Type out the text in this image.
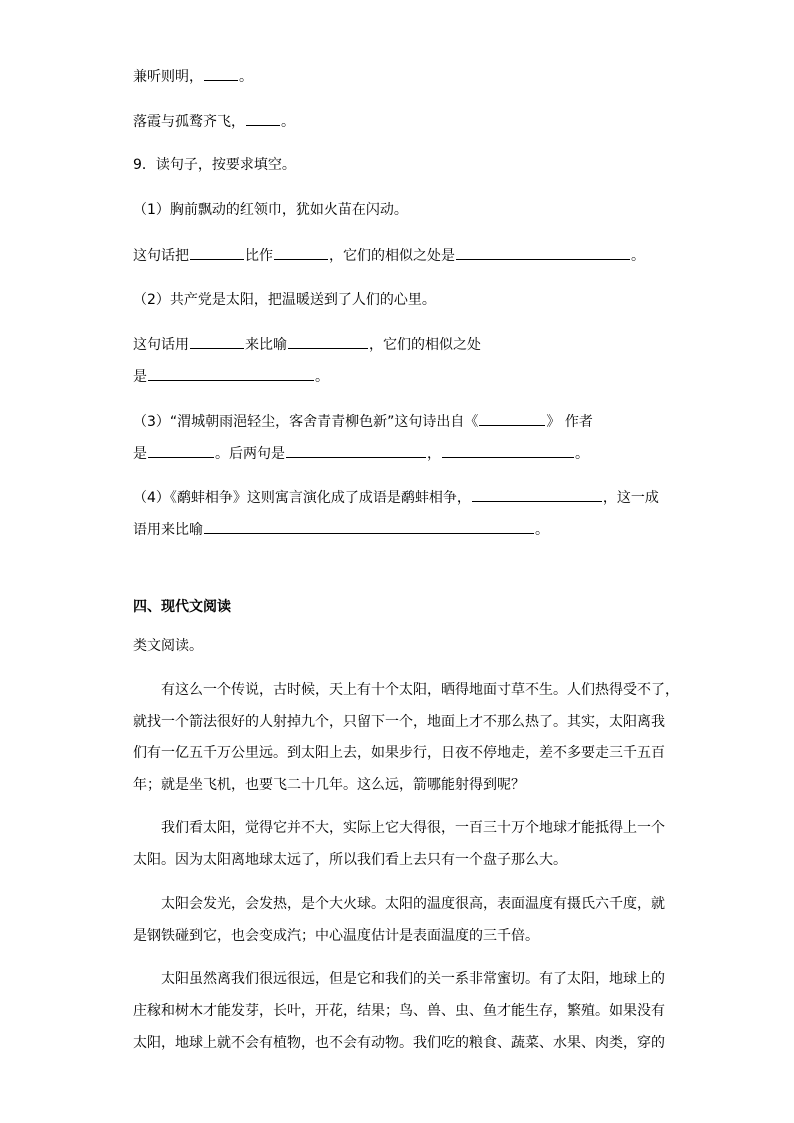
兼听则明，	。
落霞与孤鹜齐飞，	。
9．读句子，按要求填空。
（1）胸前飘动的红领巾，犹如火苗在闪动。
这句话把	比作	，它们的相似之处是	。
（2）共产党是太阳，把温暖送到了人们的心里。
这句话用	来比喻	，它们的相似之处
是	。
（3）“渭城朝雨浥轻尘，客舍青青柳色新”这句诗出自《	》 作者
是	。后两句是	，	。
（4）《鹬蚌相争》这则寓言演化成了成语是鹬蚌相争，	，这一成
语用来比喻	。
四、现代文阅读
类文阅读。
有这么一个传说，古时候，天上有十个太阳，晒得地面寸草不生。人们热得受不了，
就找一个箭法很好的人射掉九个，只留下一个，地面上才不那么热了。其实，太阳离我
们有一亿五千万公里远。到太阳上去，如果步行，日夜不停地走，差不多要走三千五百
年；就是坐飞机，也要飞二十几年。这么远，箭哪能射得到呢？
我们看太阳，觉得它并不大，实际上它大得很，一百三十万个地球才能抵得上一个
太阳。因为太阳离地球太远了，所以我们看上去只有一个盘子那么大。
太阳会发光，会发热，是个大火球。太阳的温度很高，表面温度有摄氏六千度，就
是钢铁碰到它，也会变成汽；中心温度估计是表面温度的三千倍。
太阳虽然离我们很远很远，但是它和我们的关一系非常蜜切。有了太阳，地球上的
庄稼和树木才能发芽，长叶，开花，结果；鸟、兽、虫、鱼才能生存，繁殖。如果没有
太阳，地球上就不会有植物，也不会有动物。我们吃的粮食、蔬菜、水果、肉类，穿的
